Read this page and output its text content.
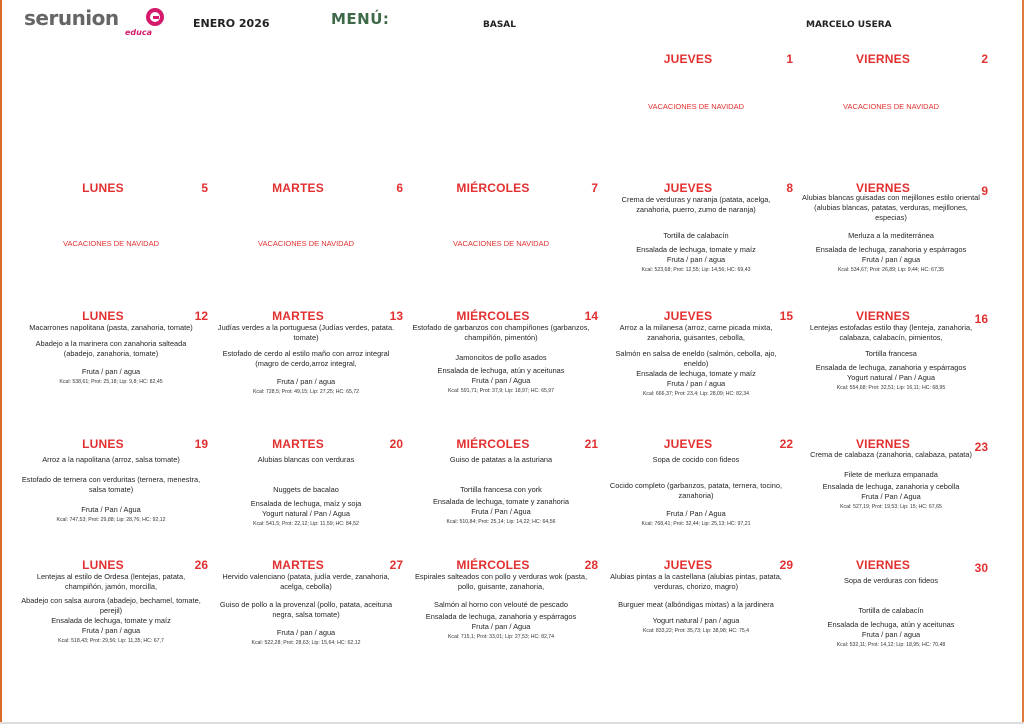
serunion
educa
ENERO 2026	MENÚ:	BASAL	MARCELO USERA
JUEVES	1
VACACIONES DE NAVIDAD
VIERNES	2
VACACIONES DE NAVIDAD
LUNES	5
VACACIONES DE NAVIDAD
MARTES	6
VACACIONES DE NAVIDAD
MIÉRCOLES	7
VACACIONES DE NAVIDAD
JUEVES	8
Crema de verduras y naranja (patata, acelga, zanahoria, puerro, zumo de naranja)
Tortilla de calabacín
Ensalada de lechuga, tomate y maíz
Fruta / pan / agua
Kcal: 523,68; Prot: 12,55; Lip: 14,56; HC: 69,43
VIERNES	9
Alubias blancas guisadas con mejillones estilo oriental (alubias blancas, patatas, verduras, mejillones, especias)
Merluza a la mediterránea
Ensalada de lechuga, zanahoria y espárragos
Fruta / pan / agua
Kcal: 534,67; Prot: 26,89; Lip: 9,44; HC: 67,35
LUNES	12
Macarrones napolitana (pasta, zanahoria, tomate)
Abadejo a la marinera con zanahoria salteada (abadejo, zanahoria, tomate)
Fruta / pan / agua
Kcal: 538,61; Prot: 25,18; Lip: 9,8; HC: 82,45
MARTES	13
Judías verdes a la portuguesa (Judías verdes, patata. tomate)
Estofado de cerdo al estilo maño con arroz integral (magro de cerdo,arroz integral,
Fruta / pan / agua
Kcal: 728,5; Prot: 49,15; Lip: 27,25; HC: 65,72
MIÉRCOLES	14
Estofado de garbanzos con champiñones (garbanzos, champiñón, pimentón)
Jamoncitos de pollo asados
Ensalada de lechuga, atún y aceitunas
Fruta / pan / Agua
Kcal: 591,71; Prot: 37,9; Lip: 18,97; HC: 65,97
JUEVES	15
Arroz a la milanesa (arroz, carne picada mixta, zanahoria, guisantes, cebolla,
Salmón en salsa de eneldo (salmón, cebolla, ajo, eneldo)
Ensalada de lechuga, tomate y maíz
Fruta / pan / agua
Kcal: 666,37; Prot: 23,4; Lip: 28,09; HC: 82,34
VIERNES	16
Lentejas estofadas estilo thay (lenteja, zanahoria, calabaza, calabacín, pimientos,
Tortilla francesa
Ensalada de lechuga, zanahoria y espárragos
Yogurt natural / Pan / Agua
Kcal: 554,68; Prot: 32,51; Lip: 16,11; HC: 68,95
LUNES	19
Arroz a la napolitana (arroz, salsa tomate)
Estofado de ternera con verduritas (ternera, menestra, salsa tomate)
Fruta / Pan / Agua
Kcal: 747,53; Prot: 29,88; Lip: 28,76; HC: 92,12
MARTES	20
Alubias blancas con verduras
Nuggets de bacalao
Ensalada de lechuga, maíz y soja
Yogurt natural / Pan / Agua
Kcal: 541,5; Prot: 22,12; Lip: 11,59; HC: 84,52
MIÉRCOLES	21
Guiso de patatas a la asturiana
Tortilla francesa con york
Ensalada de lechuga, tomate y zanahoria
Fruta / Pan / Agua
Kcal: 510,84; Prot: 25,14; Lip: 14,22; HC: 64,56
JUEVES	22
Sopa de cocido con fideos
Cocido completo (garbanzos, patata, ternera, tocino, zanahoria)
Fruta / Pan / Agua
Kcal: 768,41; Prot: 32,44; Lip: 25,13; HC: 97,21
VIERNES	23
Crema de calabaza (zanahoria, calabaza, patata)
Filete de merluza empanada
Ensalada de lechuga, zanahoria y cebolla
Fruta / Pan / Agua
Kcal: 527,19; Prot: 19,53; Lip: 15; HC: 67,65
LUNES	26
Lentejas al estilo de Ordesa (lentejas, patata, champiñón, jamón, morcilla,
Abadejo con salsa aurora (abadejo, bechamel, tomate, perejil)
Ensalada de lechuga, tomate y maíz
Fruta / pan / agua
Kcal: 518,43; Prot: 29,56; Lip: 11,35; HC: 67,7
MARTES	27
Hervido valenciano (patata, judía verde, zanahoria, acelga, cebolla)
Guiso de pollo a la provenzal (pollo, patata, aceituna negra, salsa tomate)
Fruta / pan / agua
Kcal: 522,28; Prot: 28,63; Lip: 15,64; HC: 62,12
MIÉRCOLES	28
Espirales salteados con pollo y verduras wok (pasta, pollo, guisante, zanahoria,
Salmón al horno con velouté de pescado
Ensalada de lechuga, zanahoria y espárragos
Fruta / pan / Agua
Kcal: 715,1; Prot: 33,01; Lip: 27,53; HC: 82,74
JUEVES	29
Alubias pintas a la castellana (alubias pintas, patata, verduras, chorizo, magro)
Burguer meat (albóndigas mixtas) a la jardinera
Yogurt natural / pan / agua
Kcal: 833,22; Prot: 35,73; Lip: 38,98; HC: 75,4
VIERNES	30
Sopa de verduras con fideos
Tortilla de calabacín
Ensalada de lechuga, atún y aceitunas
Fruta / pan / agua
Kcal: 532,11; Prot: 14,12; Lip: 18,95; HC: 70,48
